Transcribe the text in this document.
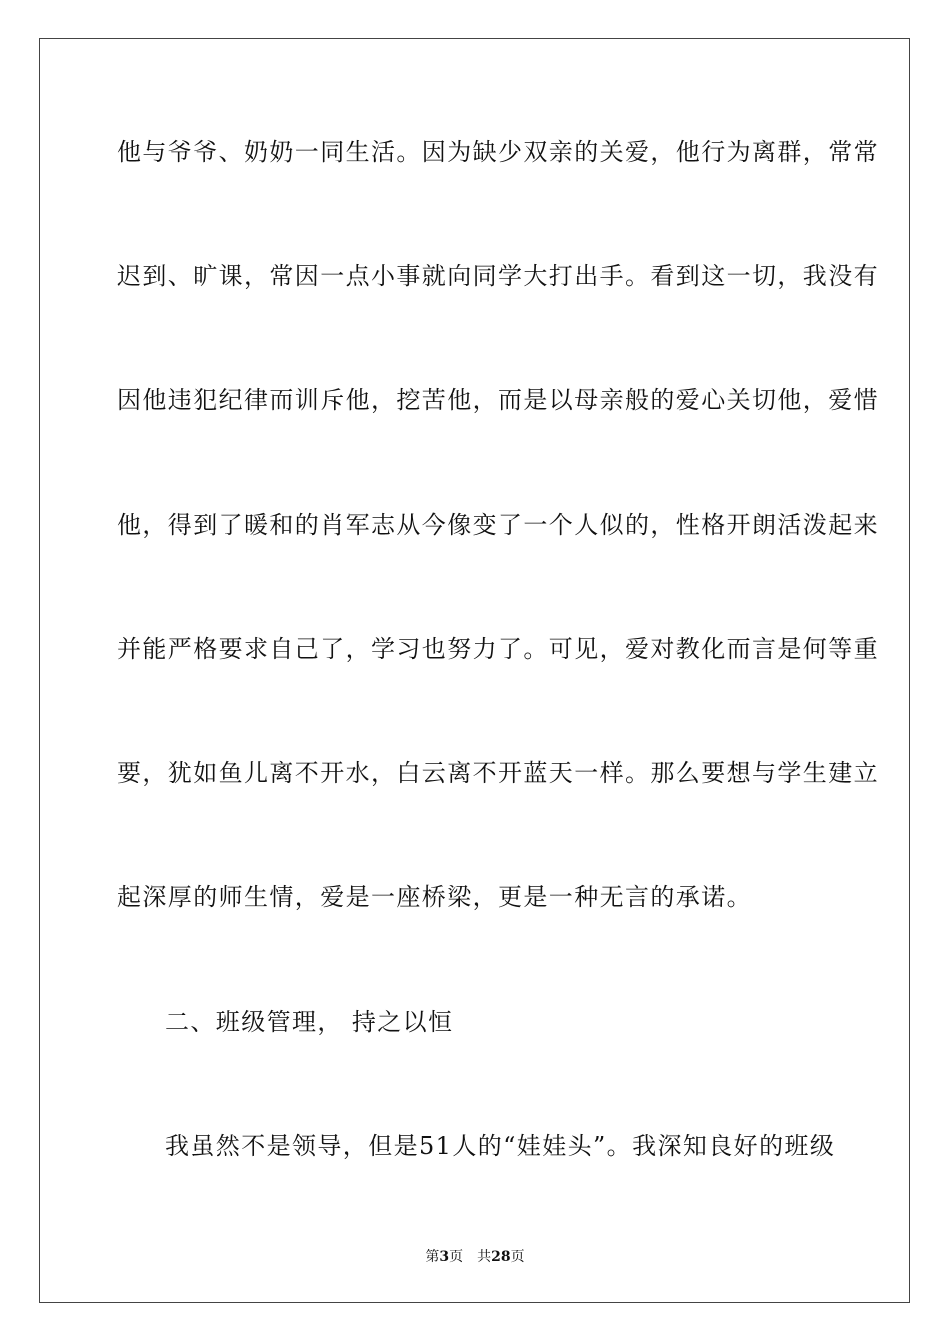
他与爷爷、奶奶一同生活。因为缺少双亲的关爱，他行为离群，常常
迟到、旷课，常因一点小事就向同学大打出手。看到这一切，我没有
因他违犯纪律而训斥他，挖苦他，而是以母亲般的爱心关切他，爱惜
他，得到了暖和的肖军志从今像变了一个人似的，性格开朗活泼起来
并能严格要求自己了，学习也努力了。可见，爱对教化而言是何等重
要，犹如鱼儿离不开水，白云离不开蓝天一样。那么要想与学生建立
起深厚的师生情，爱是一座桥梁，更是一种无言的承诺。
二、班级管理， 持之以恒
我虽然不是领导，但是51人的“娃娃头”。我深知良好的班级
第3页 共28页
